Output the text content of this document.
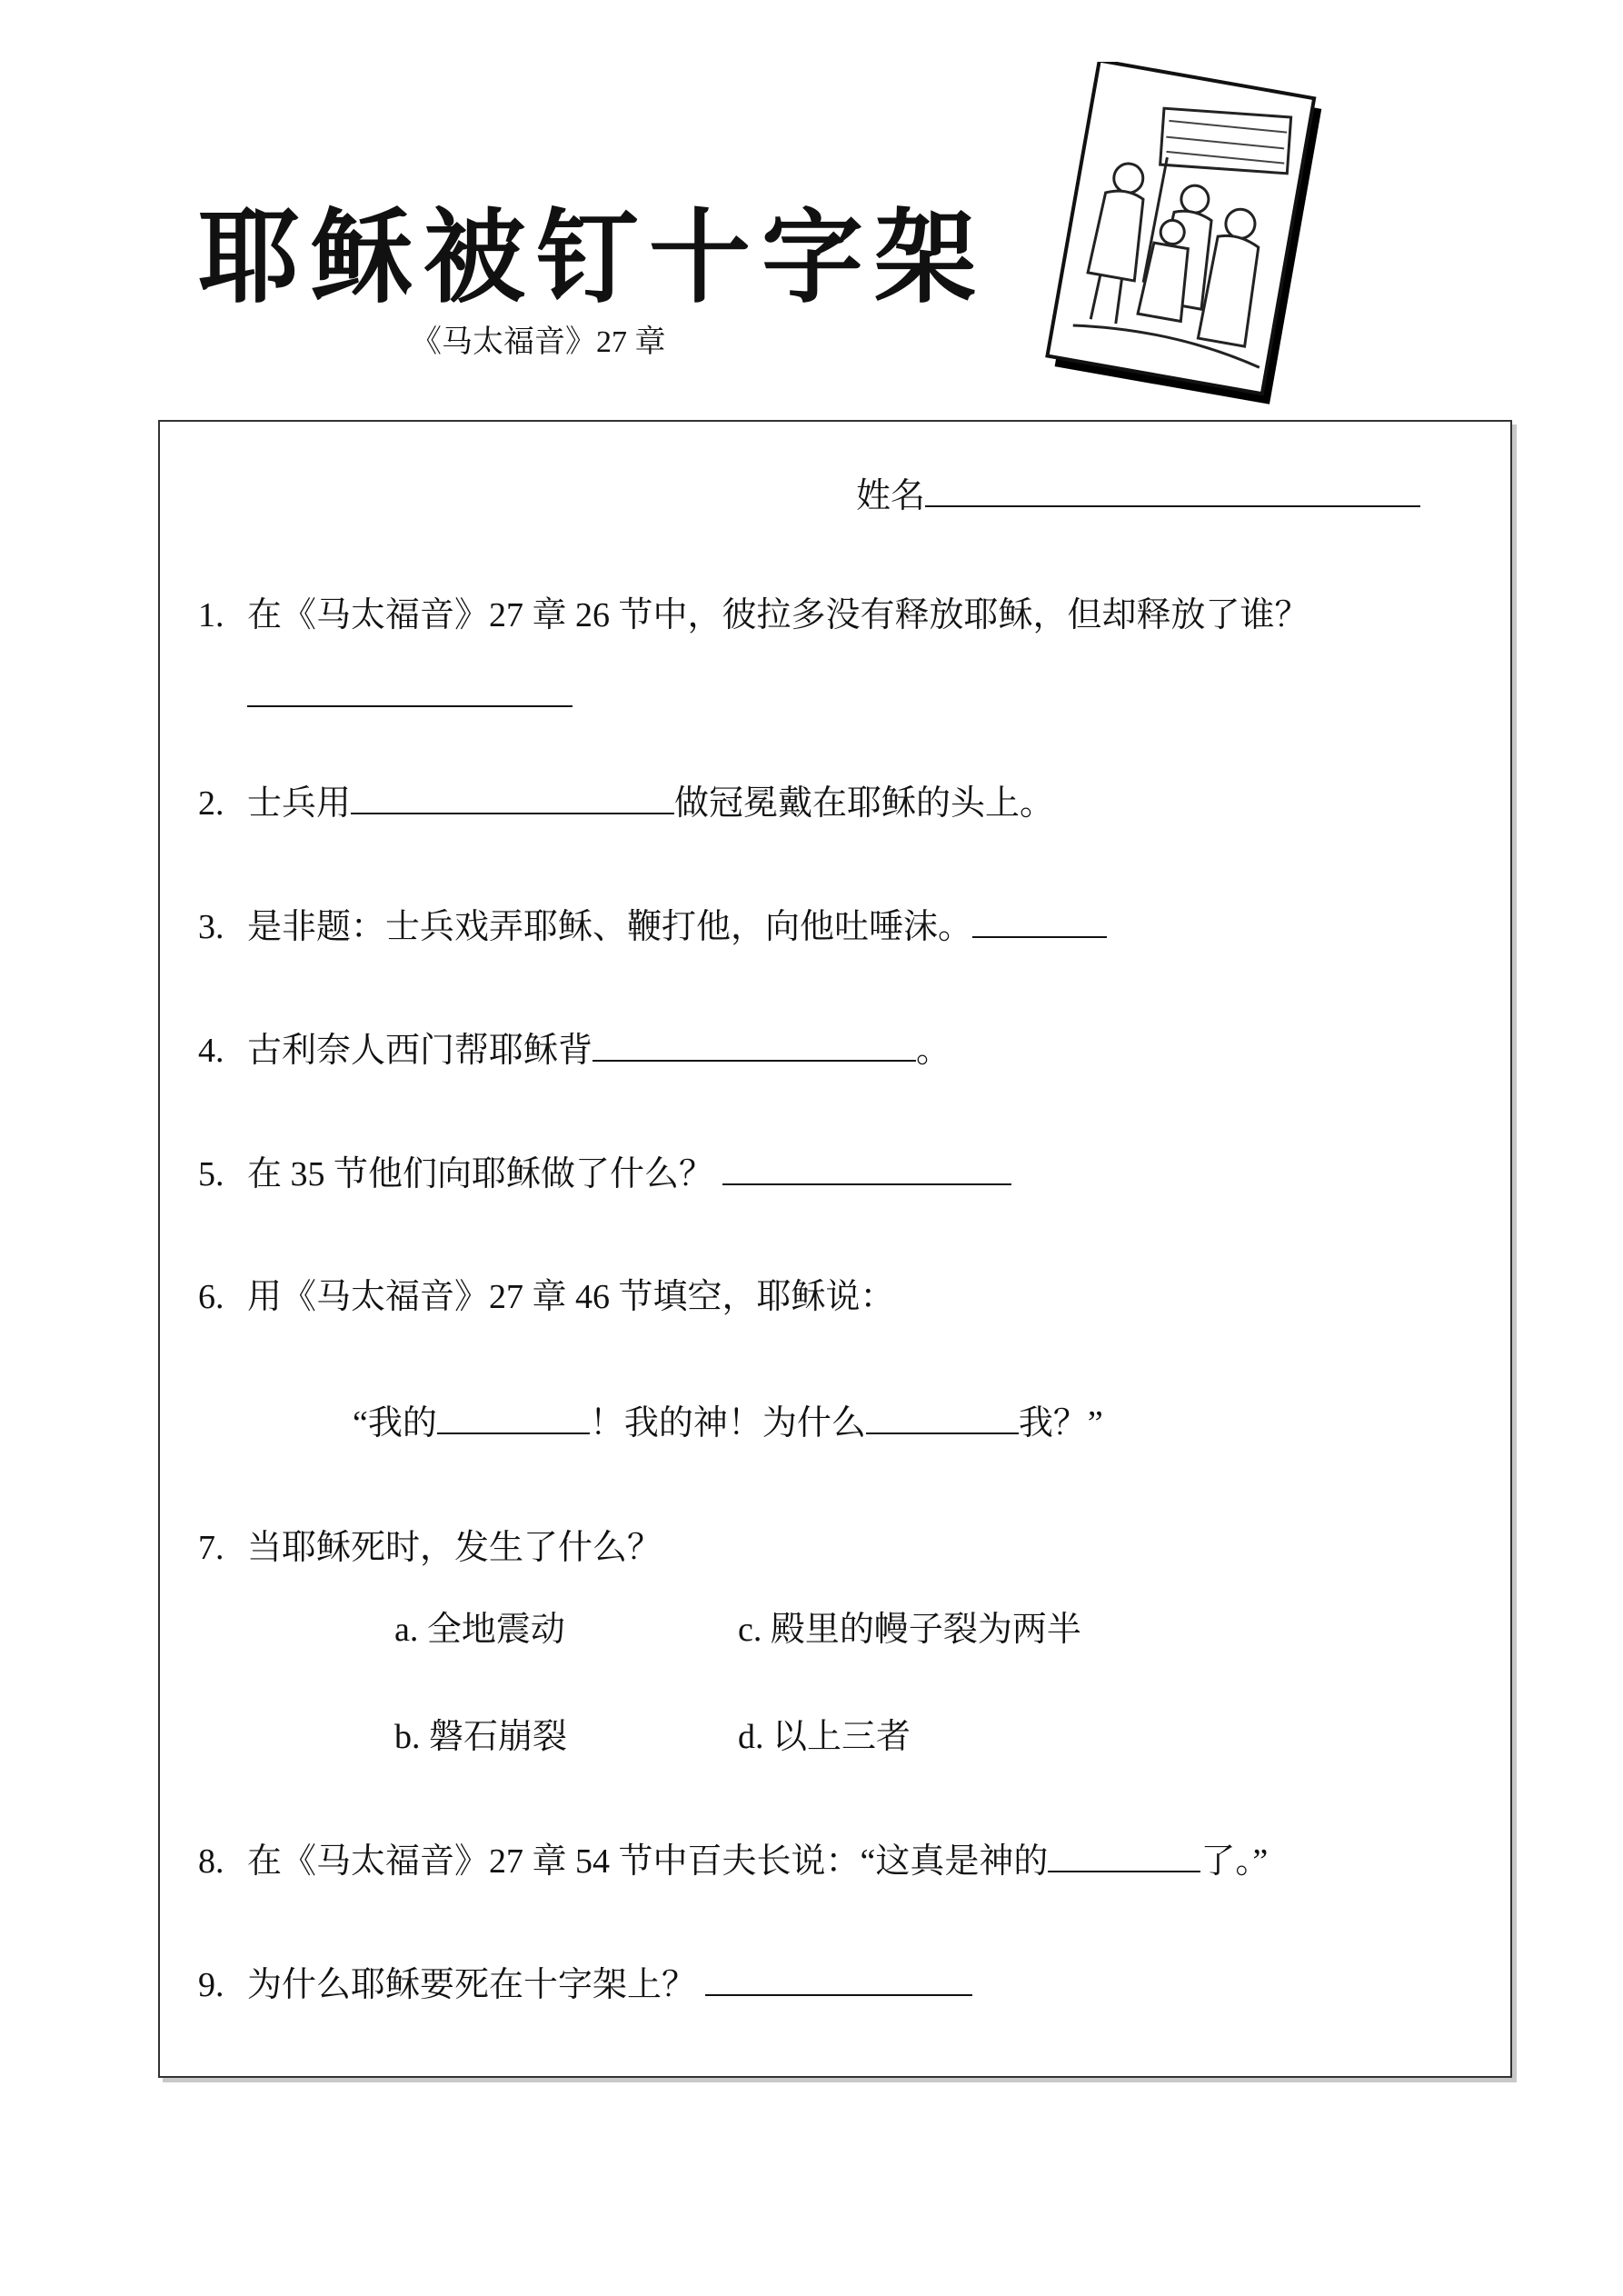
耶稣被钉十字架
《马太福音》27 章
姓名
1. 在《马太福音》27 章 26 节中，彼拉多没有释放耶稣，但却释放了谁？
2. 士兵用	做冠冕戴在耶稣的头上。
3. 是非题：士兵戏弄耶稣、鞭打他，向他吐唾沫。
4. 古利奈人西门帮耶稣背	。
5. 在 35 节他们向耶稣做了什么？
6. 用《马太福音》27 章 46 节填空，耶稣说：
“我的	！我的神！为什么	我？”
7. 当耶稣死时，发生了什么？
a. 全地震动	c. 殿里的幔子裂为两半
b. 磐石崩裂	d. 以上三者
8. 在《马太福音》27 章 54 节中百夫长说：“这真是神的	了。”
9. 为什么耶稣要死在十字架上？
